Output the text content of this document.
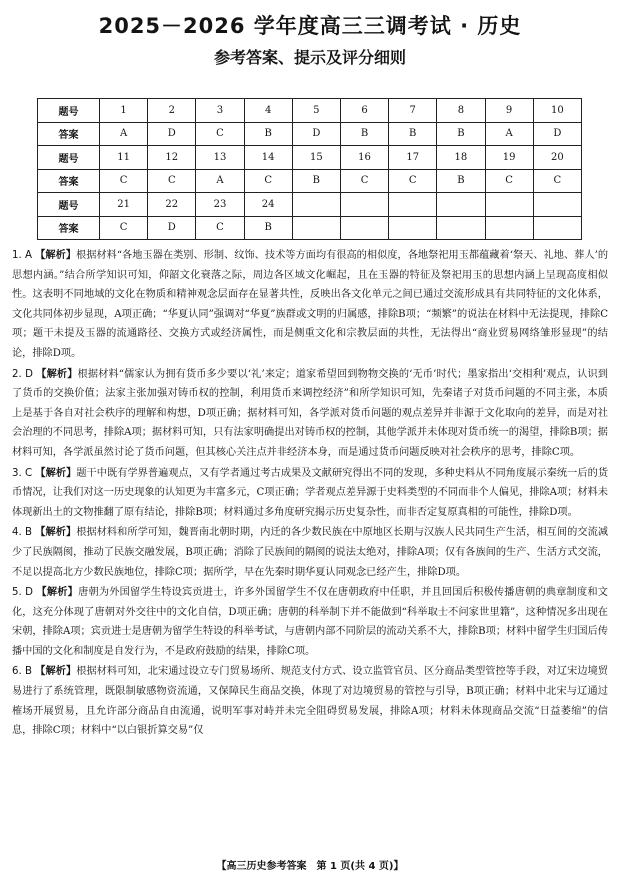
2025－2026 学年度高三三调考试 · 历史
参考答案、提示及评分细则
题号	1	2	3	4	5	6	7	8	9	10
答案	A	D	C	B	D	B	B	B	A	D
题号	11	12	13	14	15	16	17	18	19	20
答案	C	C	A	C	B	C	C	B	C	C
题号	21	22	23	24						
答案	C	D	C	B						

1. A 【解析】根据材料“各地玉器在类别、形制、纹饰、技术等方面均有很高的相似度，各地祭祀用玉都蕴藏着‘祭天、礼地、葬人’的思想内涵。”结合所学知识可知，仰韶文化衰落之际，周边各区域文化崛起，且在玉器的特征及祭祀用玉的思想内涵上呈现高度相似性。这表明不同地域的文化在物质和精神观念层面存在显著共性，反映出各文化单元之间已通过交流形成具有共同特征的文化体系，文化共同体初步显现，A项正确；“华夏认同”强调对“华夏”族群或文明的归属感，排除B项；“频繁”的说法在材料中无法提现，排除C项；题干未提及玉器的流通路径、交换方式或经济属性，而是侧重文化和宗教层面的共性，无法得出“商业贸易网络雏形显现”的结论，排除D项。

2. D 【解析】根据材料“儒家认为拥有货币多少要以‘礼’来定；道家希望回到物物交换的‘无币’时代；墨家指出‘交相利’观点，认识到了货币的交换价值；法家主张加强对铸币权的控制，利用货币来调控经济”和所学知识可知，先秦诸子对货币问题的不同主张，本质上是基于各自对社会秩序的理解和构想，D项正确；据材料可知，各学派对货币问题的观点差异并非源于文化取向的差异，而是对社会治理的不同思考，排除A项；据材料可知，只有法家明确提出对铸币权的控制，其他学派并未体现对货币统一的渴望，排除B项；据材料可知，各学派虽然讨论了货币问题，但其核心关注点并非经济本身，而是通过货币问题反映对社会秩序的思考，排除C项。

3. C 【解析】题干中既有学界普遍观点，又有学者通过考古成果及文献研究得出不同的发现，多种史料从不同角度展示秦统一后的货币情况，让我们对这一历史现象的认知更为丰富多元，C项正确；学者观点差异源于史料类型的不同而非个人偏见，排除A项；材料未体现新出土的文物推翻了原有结论，排除B项；材料通过多角度研究揭示历史复杂性，而非否定复原真相的可能性，排除D项。

4. B 【解析】根据材料和所学可知，魏晋南北朝时期，内迁的各少数民族在中原地区长期与汉族人民共同生产生活，相互间的交流减少了民族隔阂，推动了民族交融发展，B项正确；消除了民族间的隔阂的说法太绝对，排除A项；仅有各族间的生产、生活方式交流，不足以提高北方少数民族地位，排除C项；据所学，早在先秦时期华夏认同观念已经产生，排除D项。

5. D 【解析】唐朝为外国留学生特设宾贡进士，许多外国留学生不仅在唐朝政府中任职，并且回国后积极传播唐朝的典章制度和文化，这充分体现了唐朝对外交往中的文化自信，D项正确；唐朝的科举制下并不能做到“科举取士不问家世里籍”，这种情况多出现在宋朝，排除A项；宾贡进士是唐朝为留学生特设的科举考试，与唐朝内部不同阶层的流动关系不大，排除B项；材料中留学生归国后传播中国的文化和制度是自发行为，不是政府鼓励的结果，排除C项。

6. B 【解析】根据材料可知，北宋通过设立专门贸易场所、规范支付方式、设立监管官员、区分商品类型管控等手段，对辽宋边境贸易进行了系统管理，既限制敏感物资流通，又保障民生商品交换，体现了对边境贸易的管控与引导，B项正确；材料中北宋与辽通过榷场开展贸易，且允许部分商品自由流通，说明军事对峙并未完全阻碍贸易发展，排除A项；材料未体现商品交流“日益萎缩”的信息，排除C项；材料中“以白银折算交易”仅

【高三历史参考答案　第 1 页(共 4 页)】
